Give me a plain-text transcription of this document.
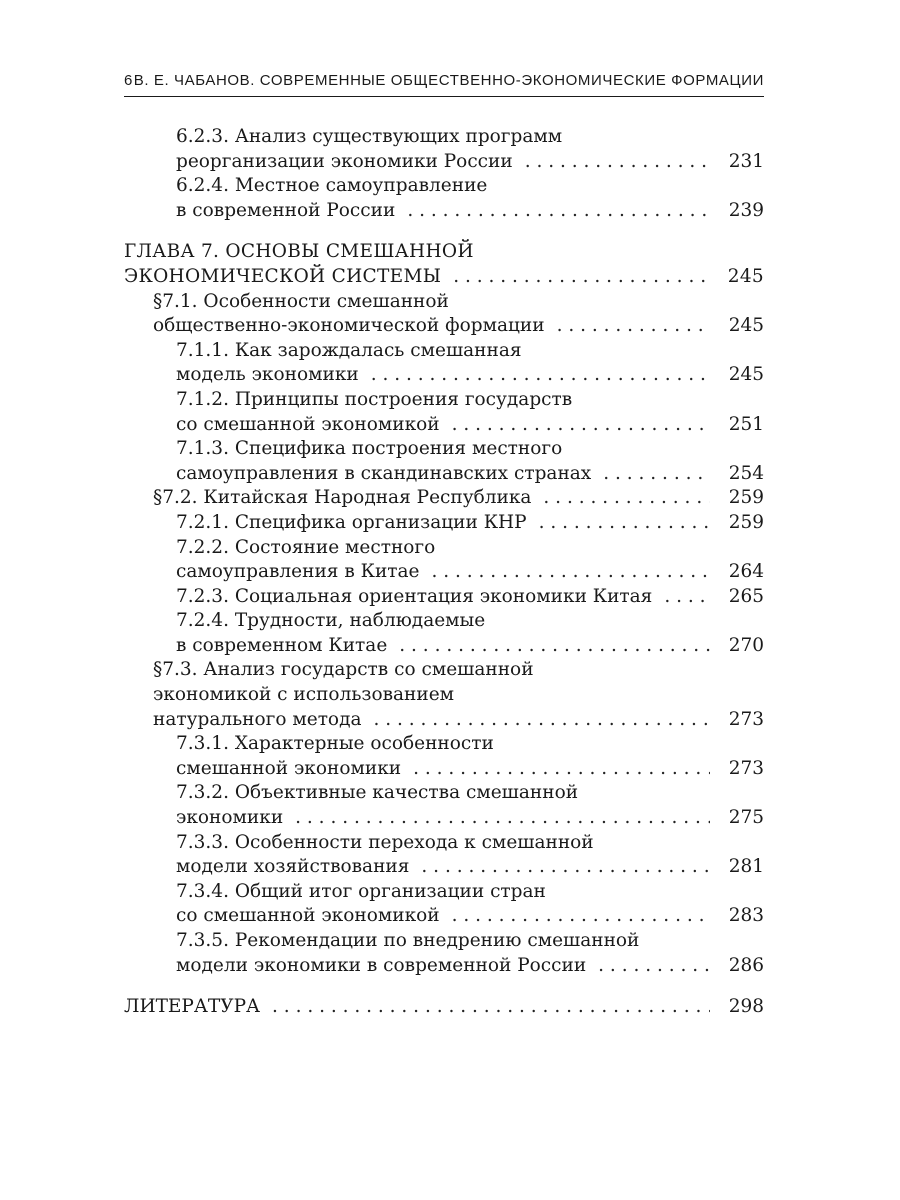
6 В. Е. ЧАБАНОВ. СОВРЕМЕННЫЕ ОБЩЕСТВЕННО-ЭКОНОМИЧЕСКИЕ ФОРМАЦИИ
6.2.3. Анализ существующих программ
реорганизации экономики России . . .	231
6.2.4. Местное самоуправление
в современной России . . .	239
ГЛАВА 7. ОСНОВЫ СМЕШАННОЙ
ЭКОНОМИЧЕСКОЙ СИСТЕМЫ . . .	245
§7.1. Особенности смешанной
общественно-экономической формации . . .	245
7.1.1. Как зарождалась смешанная
модель экономики . . .	245
7.1.2. Принципы построения государств
со смешанной экономикой . . .	251
7.1.3. Специфика построения местного
самоуправления в скандинавских странах . . .	254
§7.2. Китайская Народная Республика . . .	259
7.2.1. Специфика организации КНР . . .	259
7.2.2. Состояние местного
самоуправления в Китае . . .	264
7.2.3. Социальная ориентация экономики Китая . . .	265
7.2.4. Трудности, наблюдаемые
в современном Китае . . .	270
§7.3. Анализ государств со смешанной
экономикой с использованием
натурального метода . . .	273
7.3.1. Характерные особенности
смешанной экономики . . .	273
7.3.2. Объективные качества смешанной
экономики . . .	275
7.3.3. Особенности перехода к смешанной
модели хозяйствования . . .	281
7.3.4. Общий итог организации стран
со смешанной экономикой . . .	283
7.3.5. Рекомендации по внедрению смешанной
модели экономики в современной России . . .	286
ЛИТЕРАТУРА . . .	298
